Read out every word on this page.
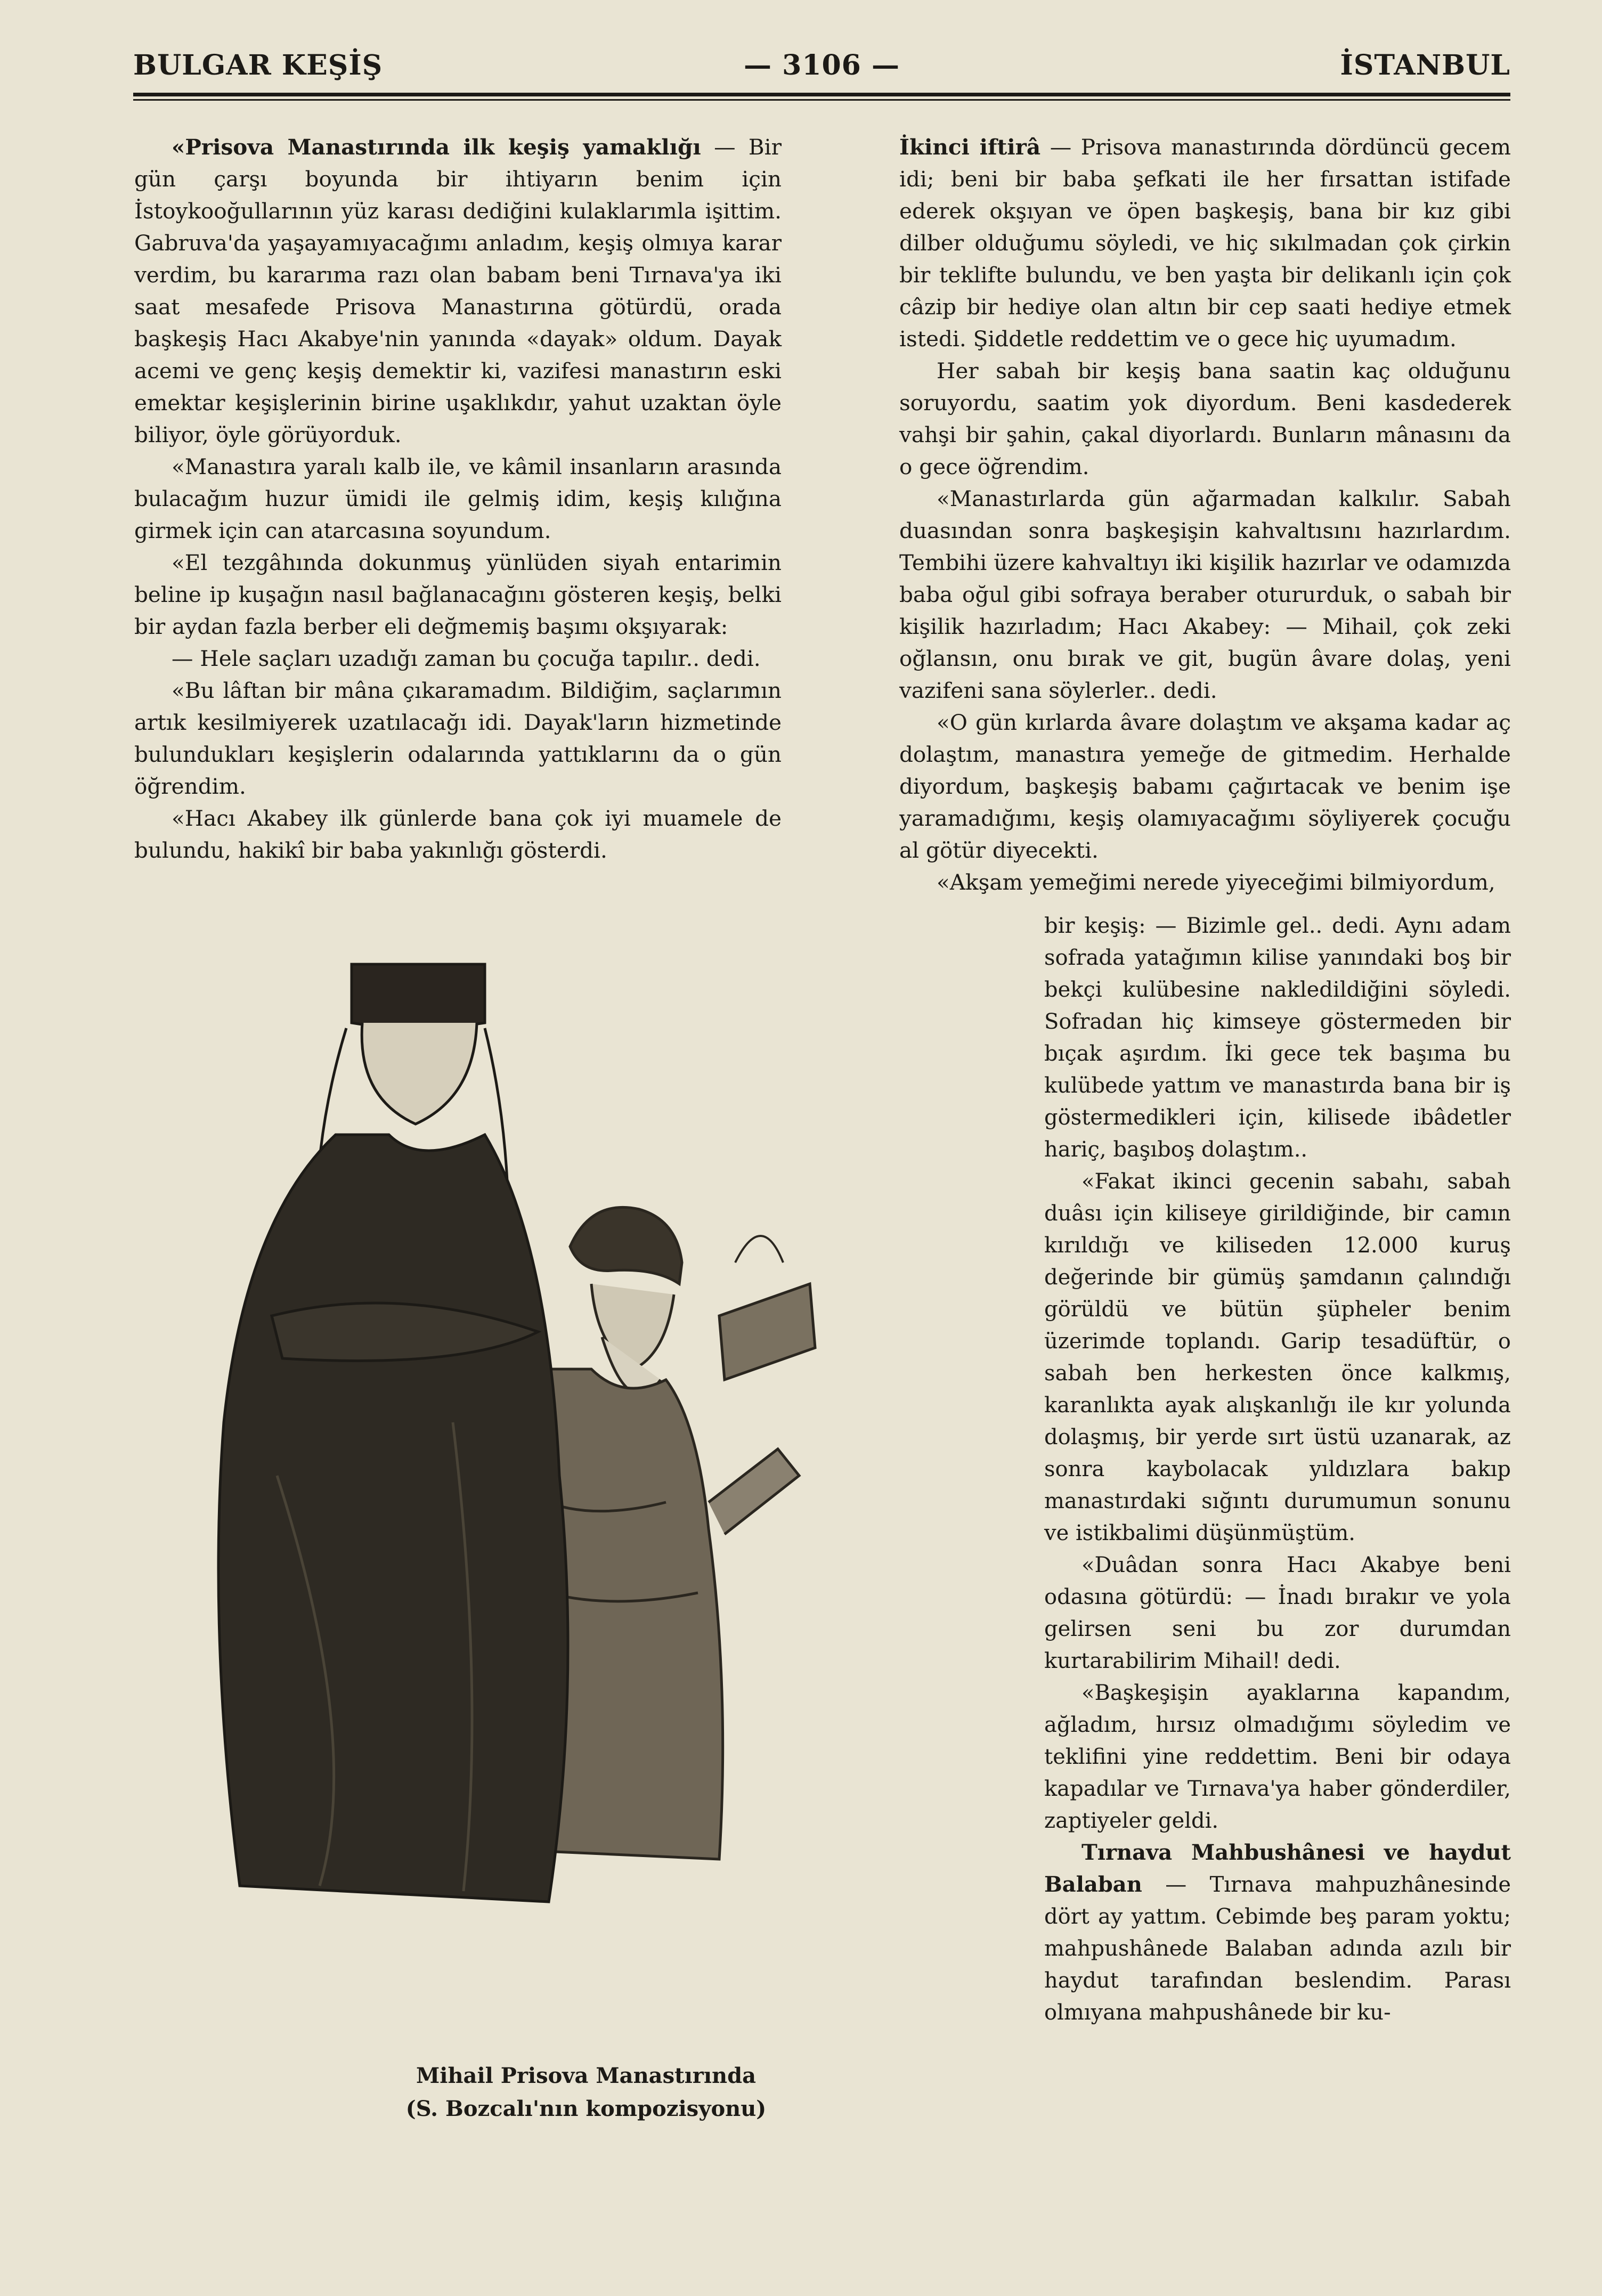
BULGAR KEŞİŞ	— 3106 —	İSTANBUL

«Prisova Manastırında ilk keşiş yamaklığı — Bir gün çarşı boyunda bir ihtiyarın benim için İstoykooğullarının yüz karası dediğini kulaklarımla işittim. Gabruva'da yaşayamıyacağımı anladım, keşiş olmıya karar verdim, bu kararıma razı olan babam beni Tırnava'ya iki saat mesafede Prisova Manastırına götürdü, orada başkeşiş Hacı Akabye'nin yanında «dayak» oldum. Dayak acemi ve genç keşiş demektir ki, vazifesi manastırın eski emektar keşişlerinin birine uşaklıkdır, yahut uzaktan öyle biliyor, öyle görüyorduk.

«Manastıra yaralı kalb ile, ve kâmil insanların arasında bulacağım huzur ümidi ile gelmiş idim, keşiş kılığına girmek için can atarcasına soyundum.

«El tezgâhında dokunmuş yünlüden siyah entarimin beline ip kuşağın nasıl bağlanacağını gösteren keşiş, belki bir aydan fazla berber eli değmemiş başımı okşıyarak:

— Hele saçları uzadığı zaman bu çocuğa tapılır.. dedi.

«Bu lâftan bir mâna çıkaramadım. Bildiğim, saçlarımın artık kesilmiyerek uzatılacağı idi. Dayak'ların hizmetinde bulundukları keşişlerin odalarında yattıklarını da o gün öğrendim.

«Hacı Akabey ilk günlerde bana çok iyi muamele de bulundu, hakikî bir baba yakınlığı gösterdi.

İkinci iftirâ — Prisova manastırında dördüncü gecem idi; beni bir baba şefkati ile her fırsattan istifade ederek okşıyan ve öpen başkeşiş, bana bir kız gibi dilber olduğumu söyledi, ve hiç sıkılmadan çok çirkin bir teklifte bulundu, ve ben yaşta bir delikanlı için çok câzip bir hediye olan altın bir cep saati hediye etmek istedi. Şiddetle reddettim ve o gece hiç uyumadım.

Her sabah bir keşiş bana saatin kaç olduğunu soruyordu, saatim yok diyordum. Beni kasdederek vahşi bir şahin, çakal diyorlardı. Bunların mânasını da o gece öğrendim.

«Manastırlarda gün ağarmadan kalkılır. Sabah duasından sonra başkeşişin kahvaltısını hazırlardım. Tembihi üzere kahvaltıyı iki kişilik hazırlar ve odamızda baba oğul gibi sofraya beraber otururduk, o sabah bir kişilik hazırladım; Hacı Akabey: — Mihail, çok zeki oğlansın, onu bırak ve git, bugün âvare dolaş, yeni vazifeni sana söylerler.. dedi.

«O gün kırlarda âvare dolaştım ve akşama kadar aç dolaştım, manastıra yemeğe de gitmedim. Herhalde diyordum, başkeşiş babamı çağırtacak ve benim işe yaramadığımı, keşiş olamıyacağımı söyliyerek çocuğu al götür diyecekti.

«Akşam yemeğimi nerede yiyeceğimi bilmiyordum,

bir keşiş: — Bizimle gel.. dedi. Aynı adam sofrada yatağımın kilise yanındaki boş bir bekçi kulübesine nakledildiğini söyledi. Sofradan hiç kimseye göstermeden bir bıçak aşırdım. İki gece tek başıma bu kulübede yattım ve manastırda bana bir iş göstermedikleri için, kilisede ibâdetler hariç, başıboş dolaştım..

«Fakat ikinci gecenin sabahı, sabah duâsı için kiliseye girildiğinde, bir camın kırıldığı ve kiliseden 12.000 kuruş değerinde bir gümüş şamdanın çalındığı görüldü ve bütün şüpheler benim üzerimde toplandı. Garip tesadüftür, o sabah ben herkesten önce kalkmış, karanlıkta ayak alışkanlığı ile kır yolunda dolaşmış, bir yerde sırt üstü uzanarak, az sonra kaybolacak yıldızlara bakıp manastırdaki sığıntı durumumun sonunu ve istikbalimi düşünmüştüm.

«Duâdan sonra Hacı Akabye beni odasına götürdü: — İnadı bırakır ve yola gelirsen seni bu zor durumdan kurtarabilirim Mihail! dedi.

«Başkeşişin ayaklarına kapandım, ağladım, hırsız olmadığımı söyledim ve teklifini yine reddettim. Beni bir odaya kapadılar ve Tırnava'ya haber gönderdiler, zaptiyeler geldi.

Tırnava Mahbushânesi ve haydut Balaban — Tırnava mahpuzhânesinde dört ay yattım. Cebimde beş param yoktu; mahpushânede Balaban adında azılı bir haydut tarafından beslendim. Parası olmıyana mahpushânede bir ku-

Mihail Prisova Manastırında
(S. Bozcalı'nın kompozisyonu)
